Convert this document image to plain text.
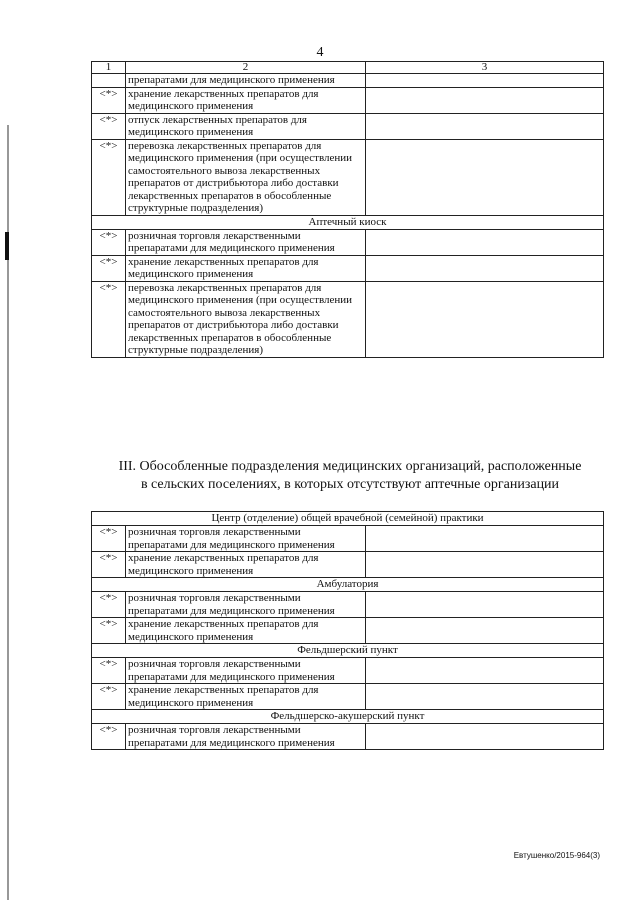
4
1	2	3
	препаратами для медицинского применения	
<*>	хранение лекарственных препаратов для медицинского применения	
<*>	отпуск лекарственных препаратов для медицинского применения	
<*>	перевозка лекарственных препаратов для медицинского применения (при осуществлении самостоятельного вывоза лекарственных препаратов от дистрибьютора либо доставки лекарственных препаратов в обособленные структурные подразделения)	
Аптечный киоск		
<*>	розничная торговля лекарственными препаратами для медицинского применения	
<*>	хранение лекарственных препаратов для медицинского применения	
<*>	перевозка лекарственных препаратов для медицинского применения (при осуществлении самостоятельного вывоза лекарственных препаратов от дистрибьютора либо доставки лекарственных препаратов в обособленные структурные подразделения)	
III. Обособленные подразделения медицинских организаций, расположенные
в сельских поселениях, в которых отсутствуют аптечные организации
Центр (отделение) общей врачебной (семейной) практики		
<*>	розничная торговля лекарственными препаратами для медицинского применения	
<*>	хранение лекарственных препаратов для медицинского применения	
Амбулатория		
<*>	розничная торговля лекарственными препаратами для медицинского применения	
<*>	хранение лекарственных препаратов для медицинского применения	
Фельдшерский пункт		
<*>	розничная торговля лекарственными препаратами для медицинского применения	
<*>	хранение лекарственных препаратов для медицинского применения	
Фельдшерско-акушерский пункт		
<*>	розничная торговля лекарственными препаратами для медицинского применения	
Евтушенко/2015-964(3)
